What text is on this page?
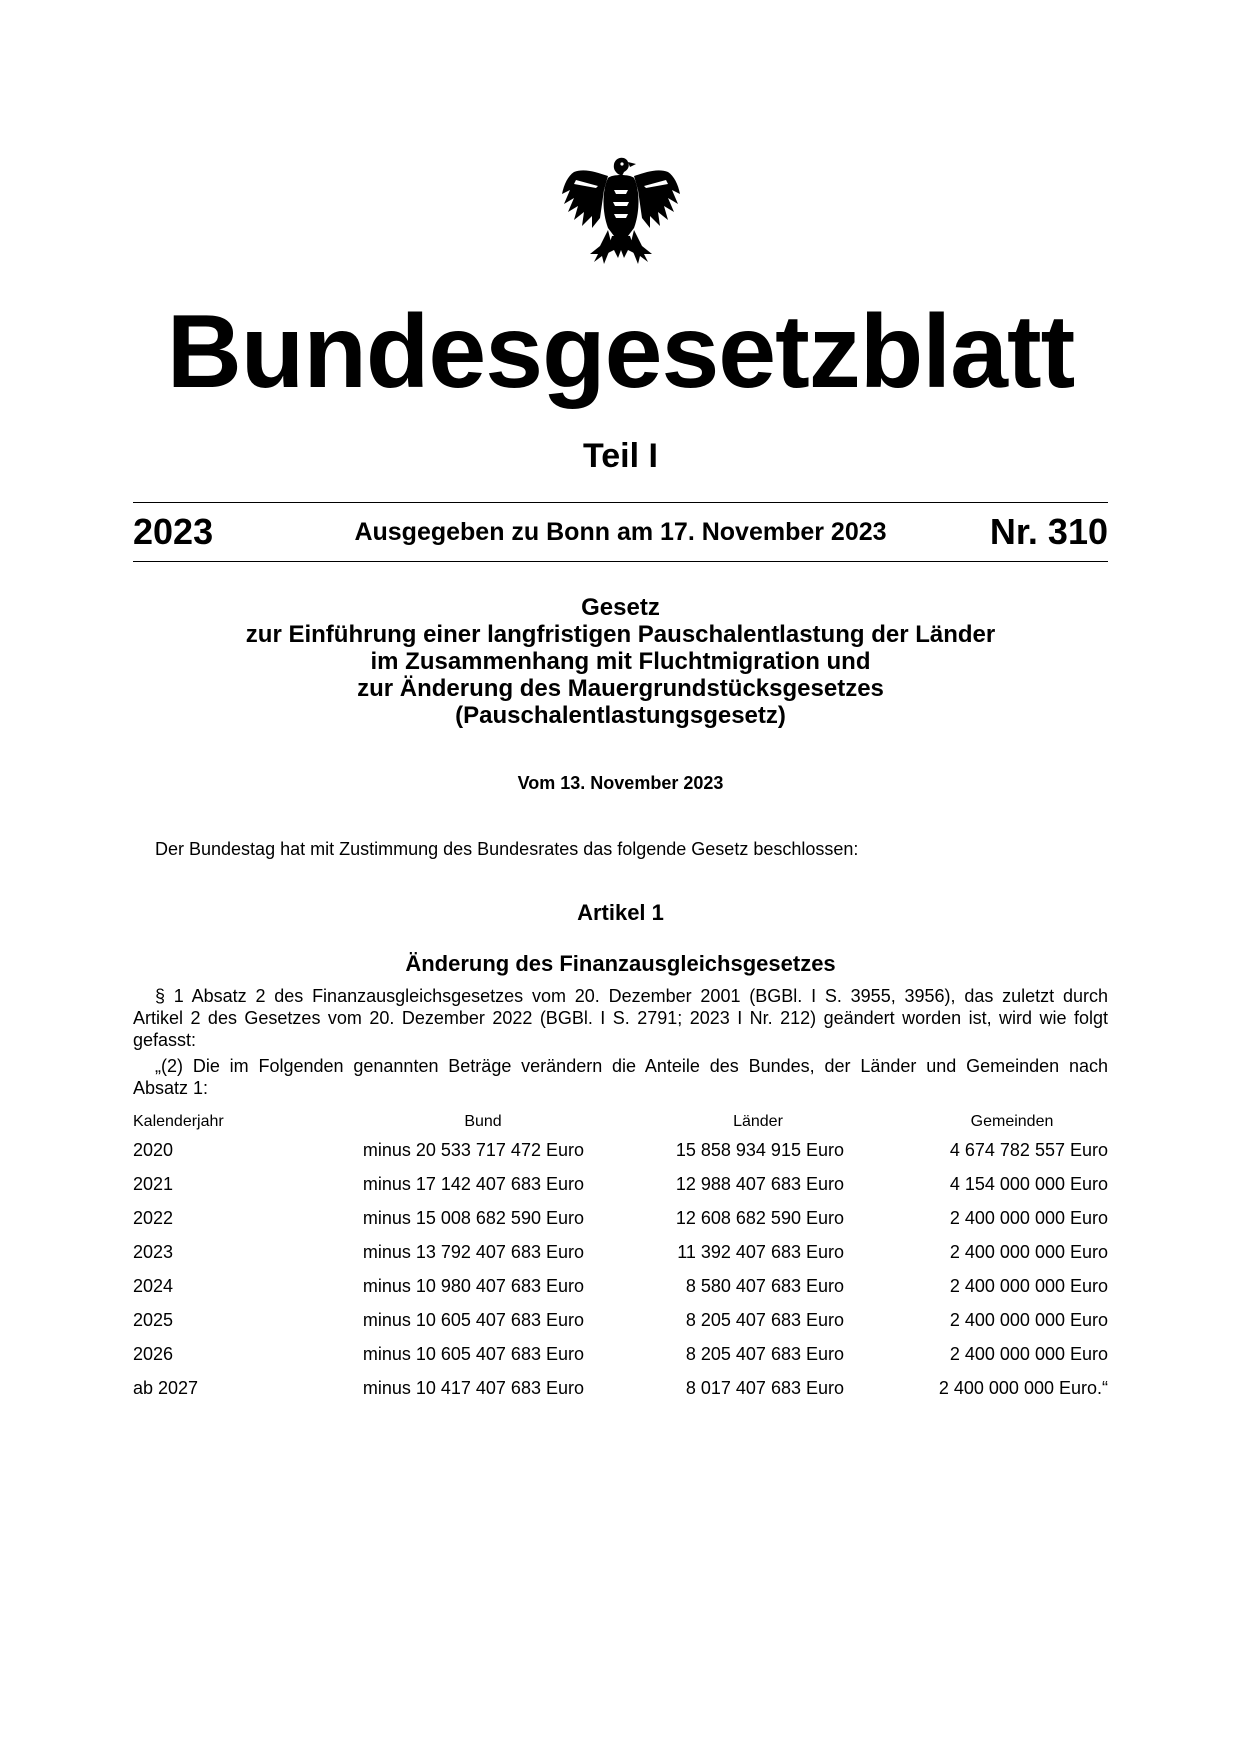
Bundesgesetzblatt
Teil I
2023	Ausgegeben zu Bonn am 17. November 2023	Nr. 310
Gesetz
zur Einführung einer langfristigen Pauschalentlastung der Länder
im Zusammenhang mit Fluchtmigration und
zur Änderung des Mauergrundstücksgesetzes
(Pauschalentlastungsgesetz)
Vom 13. November 2023
Der Bundestag hat mit Zustimmung des Bundesrates das folgende Gesetz beschlossen:
Artikel 1
Änderung des Finanzausgleichsgesetzes
§ 1 Absatz 2 des Finanzausgleichsgesetzes vom 20. Dezember 2001 (BGBl. I S. 3955, 3956), das zuletzt durch
Artikel 2 des Gesetzes vom 20. Dezember 2022 (BGBl. I S. 2791; 2023 I Nr. 212) geändert worden ist, wird wie folgt
gefasst:
„(2) Die im Folgenden genannten Beträge verändern die Anteile des Bundes, der Länder und Gemeinden nach
Absatz 1:
Kalenderjahr	Bund	Länder	Gemeinden
2020	minus 20 533 717 472 Euro	15 858 934 915 Euro	4 674 782 557 Euro
2021	minus 17 142 407 683 Euro	12 988 407 683 Euro	4 154 000 000 Euro
2022	minus 15 008 682 590 Euro	12 608 682 590 Euro	2 400 000 000 Euro
2023	minus 13 792 407 683 Euro	11 392 407 683 Euro	2 400 000 000 Euro
2024	minus 10 980 407 683 Euro	8 580 407 683 Euro	2 400 000 000 Euro
2025	minus 10 605 407 683 Euro	8 205 407 683 Euro	2 400 000 000 Euro
2026	minus 10 605 407 683 Euro	8 205 407 683 Euro	2 400 000 000 Euro
ab 2027	minus 10 417 407 683 Euro	8 017 407 683 Euro	2 400 000 000 Euro.“
